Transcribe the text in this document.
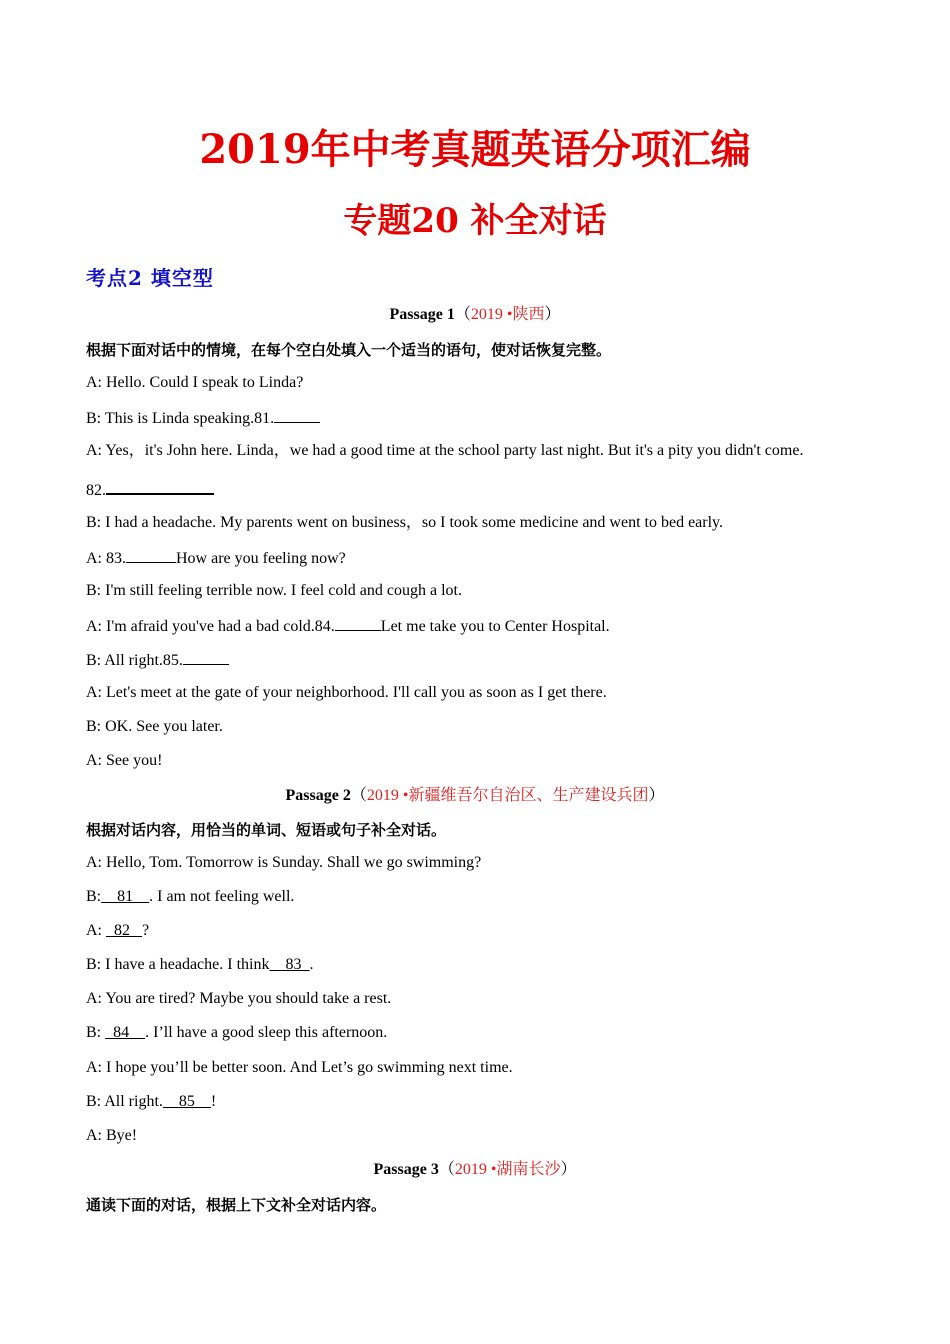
2019年中考真题英语分项汇编
专题20 补全对话
考点2 填空型
Passage 1（2019 •陕西）
根据下面对话中的情境，在每个空白处填入一个适当的语句，使对话恢复完整。
A: Hello. Could I speak to Linda?
B: This is Linda speaking.81.
A: Yes，it's John here. Linda，we had a good time at the school party last night. But it's a pity you didn't come.
82.
B: I had a headache. My parents went on business，so I took some medicine and went to bed early.
A: 83.	How are you feeling now?
B: I'm still feeling terrible now. I feel cold and cough a lot.
A: I'm afraid you've had a bad cold.84.	Let me take you to Center Hospital.
B: All right.85.
A: Let's meet at the gate of your neighborhood. I'll call you as soon as I get there.
B: OK. See you later.
A: See you!
Passage 2（2019 •新疆维吾尔自治区、生产建设兵团）
根据对话内容，用恰当的单词、短语或句子补全对话。
A: Hello, Tom. Tomorrow is Sunday. Shall we go swimming?
B:    81    . I am not feeling well.
A:   82   ?
B: I have a headache. I think    83  .
A: You are tired? Maybe you should take a rest.
B:   84    . I’ll have a good sleep this afternoon.
A: I hope you’ll be better soon. And Let’s go swimming next time.
B: All right.    85    !
A: Bye!
Passage 3（2019 •湖南长沙）
通读下面的对话，根据上下文补全对话内容。
